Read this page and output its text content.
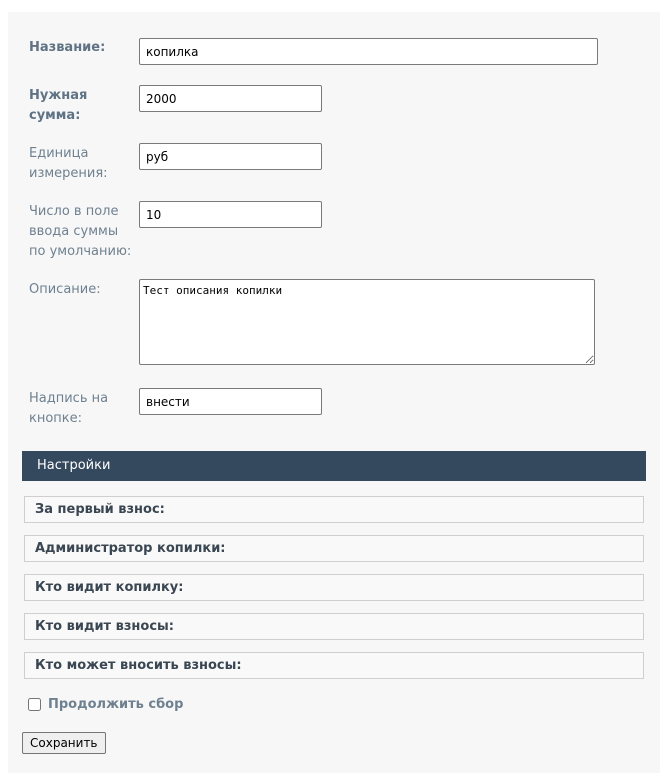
Название:
копилка
Нужная
сумма:
2000
Единица
измерения:
руб
Число в поле
ввода суммы
по умолчанию:
10
Описание:
Тест описания копилки
Надпись на
кнопке:
внести
Настройки
За первый взнос:
Администратор копилки:
Кто видит копилку:
Кто видит взносы:
Кто может вносить взносы:
Продолжить сбор
Сохранить
